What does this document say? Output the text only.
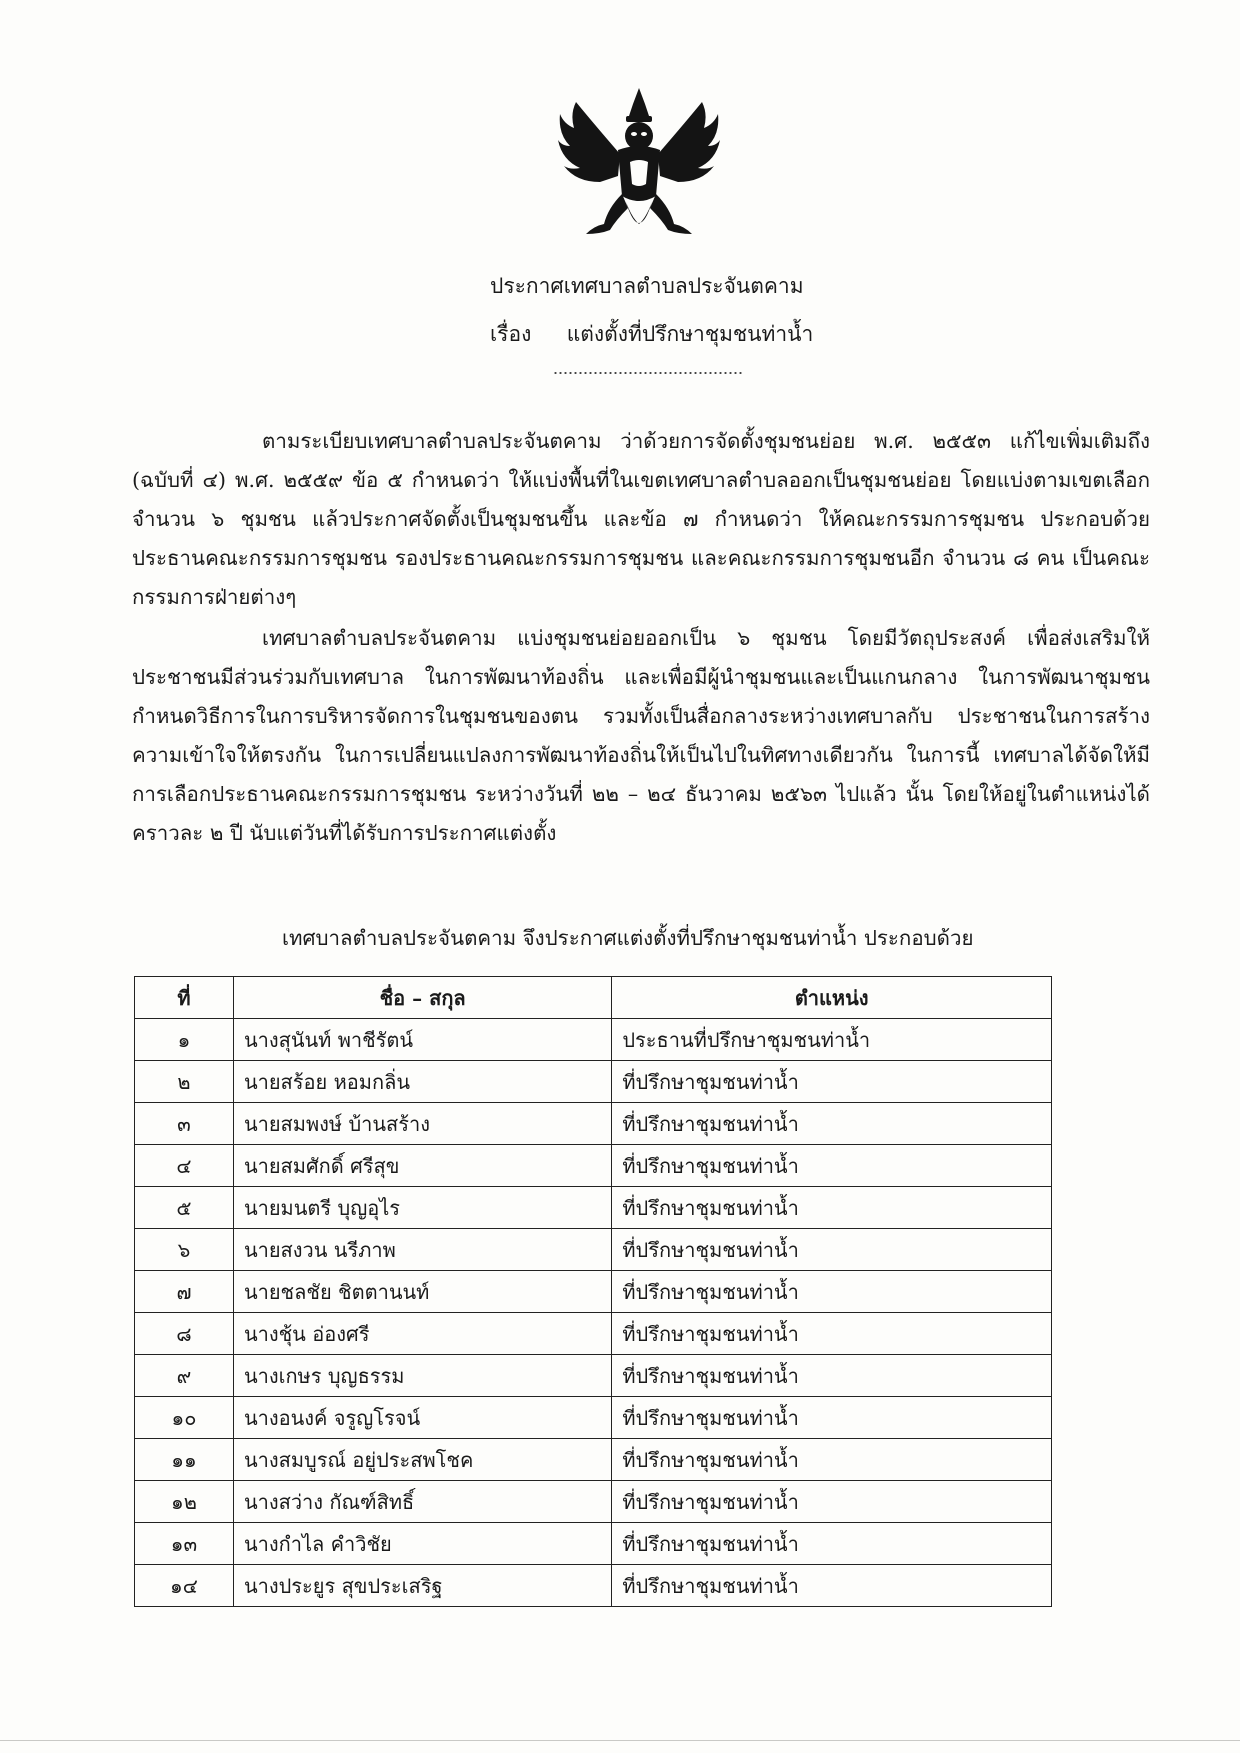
ประกาศเทศบาลตำบลประจันตคาม
เรื่อง แต่งตั้งที่ปรึกษาชุมชนท่าน้ำ

ตามระเบียบเทศบาลตำบลประจันตคาม ว่าด้วยการจัดตั้งชุมชนย่อย พ.ศ. ๒๕๕๓ แก้ไขเพิ่มเติมถึง (ฉบับที่ ๔) พ.ศ. ๒๕๕๙ ข้อ ๕ กำหนดว่า ให้แบ่งพื้นที่ในเขตเทศบาลตำบลออกเป็นชุมชนย่อย โดยแบ่งตามเขตเลือก จำนวน ๖ ชุมชน แล้วประกาศจัดตั้งเป็นชุมชนขึ้น และข้อ ๗ กำหนดว่า ให้คณะกรรมการชุมชน ประกอบด้วย ประธานคณะกรรมการชุมชน รองประธานคณะกรรมการชุมชน และคณะกรรมการชุมชนอีก จำนวน ๘ คน เป็นคณะกรรมการฝ่ายต่างๆ

เทศบาลตำบลประจันตคาม แบ่งชุมชนย่อยออกเป็น ๖ ชุมชน โดยมีวัตถุประสงค์ เพื่อส่งเสริมให้ประชาชนมีส่วนร่วมกับเทศบาล ในการพัฒนาท้องถิ่น และเพื่อมีผู้นำชุมชนและเป็นแกนกลาง ในการพัฒนาชุมชน กำหนดวิธีการในการบริหารจัดการในชุมชนของตน รวมทั้งเป็นสื่อกลางระหว่างเทศบาลกับ ประชาชนในการสร้างความเข้าใจให้ตรงกัน ในการเปลี่ยนแปลงการพัฒนาท้องถิ่นให้เป็นไปในทิศทางเดียวกัน ในการนี้ เทศบาลได้จัดให้มีการเลือกประธานคณะกรรมการชุมชน ระหว่างวันที่ ๒๒ – ๒๔ ธันวาคม ๒๕๖๓ ไปแล้ว นั้น โดยให้อยู่ในตำแหน่งได้คราวละ ๒ ปี นับแต่วันที่ได้รับการประกาศแต่งตั้ง

เทศบาลตำบลประจันตคาม จึงประกาศแต่งตั้งที่ปรึกษาชุมชนท่าน้ำ ประกอบด้วย
ที่	ชื่อ – สกุล	ตำแหน่ง
๑	นางสุนันท์ พาชีรัตน์	ประธานที่ปรึกษาชุมชนท่าน้ำ
๒	นายสร้อย หอมกลิ่น	ที่ปรึกษาชุมชนท่าน้ำ
๓	นายสมพงษ์ บ้านสร้าง	ที่ปรึกษาชุมชนท่าน้ำ
๔	นายสมศักดิ์ ศรีสุข	ที่ปรึกษาชุมชนท่าน้ำ
๕	นายมนตรี บุญอุไร	ที่ปรึกษาชุมชนท่าน้ำ
๖	นายสงวน นรีภาพ	ที่ปรึกษาชุมชนท่าน้ำ
๗	นายชลชัย ชิตตานนท์	ที่ปรึกษาชุมชนท่าน้ำ
๘	นางชุ้น อ่องศรี	ที่ปรึกษาชุมชนท่าน้ำ
๙	นางเกษร บุญธรรม	ที่ปรึกษาชุมชนท่าน้ำ
๑๐	นางอนงค์ จรูญโรจน์	ที่ปรึกษาชุมชนท่าน้ำ
๑๑	นางสมบูรณ์ อยู่ประสพโชค	ที่ปรึกษาชุมชนท่าน้ำ
๑๒	นางสว่าง กัณฑ์สิทธิ์	ที่ปรึกษาชุมชนท่าน้ำ
๑๓	นางกำไล คำวิชัย	ที่ปรึกษาชุมชนท่าน้ำ
๑๔	นางประยูร สุขประเสริฐ	ที่ปรึกษาชุมชนท่าน้ำ
